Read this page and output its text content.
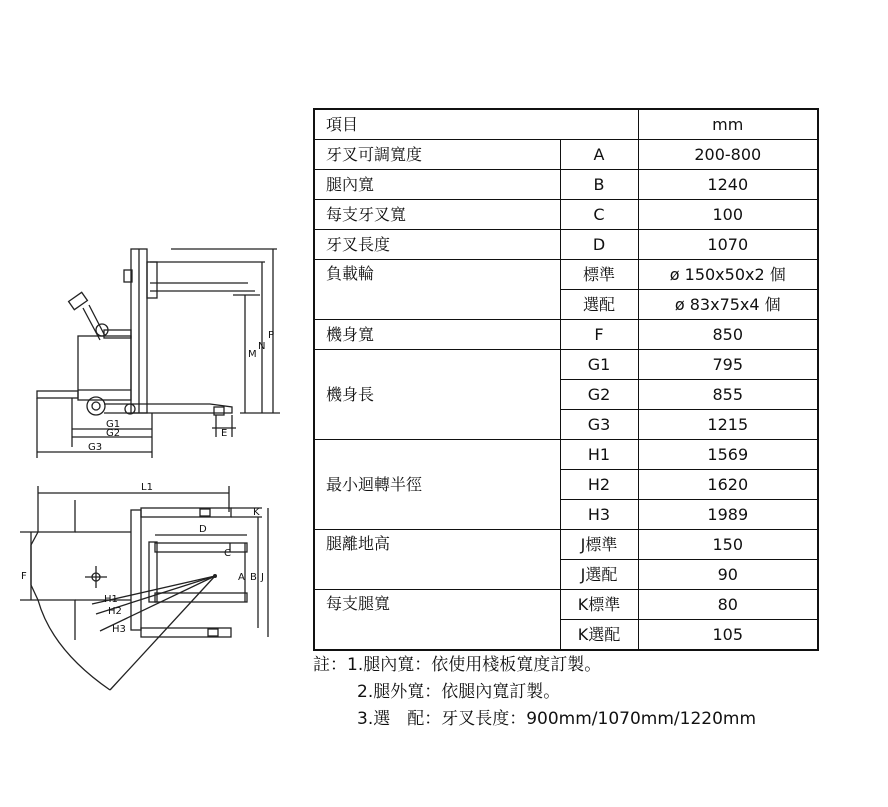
M
N
P
G1
G2
G3
E
L1
K
D
C
A B J
F
H1
H2
H3
項目		mm
牙叉可調寬度	A	200-800
腿內寬	B	1240
每支牙叉寬	C	100
牙叉長度	D	1070
負載輪	標準	ø 150x50x2 個
	選配	ø 83x75x4 個
機身寬	F	850
機身長	G1	795
	G2	855
	G3	1215
最小迴轉半徑	H1	1569
	H2	1620
	H3	1989
腿離地高	J標準	150
	J選配	90
每支腿寬	K標準	80
	K選配	105
註：1.腿內寬：依使用棧板寬度訂製。
2.腿外寬：依腿內寬訂製。
3.選　配：牙叉長度：900mm/1070mm/1220mm
